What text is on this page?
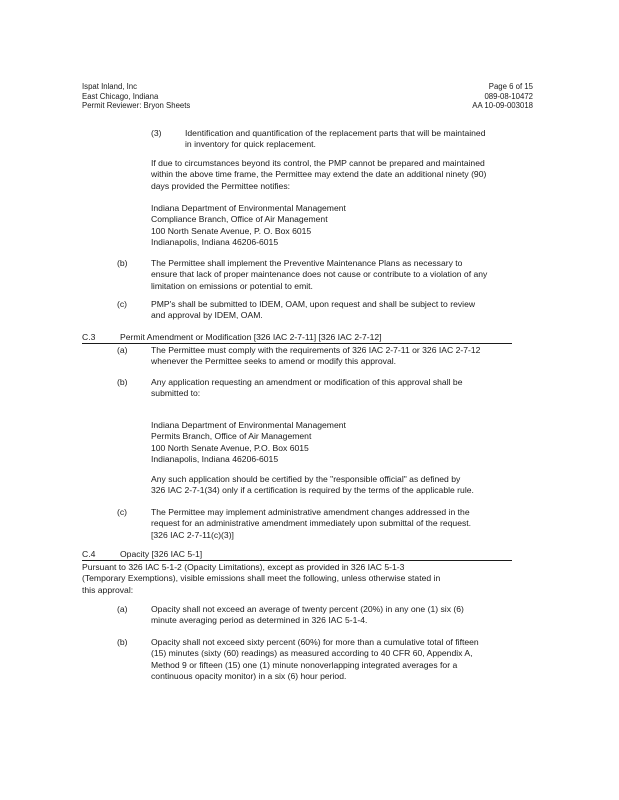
Ispat Inland, Inc
East Chicago, Indiana
Permit Reviewer: Bryon Sheets
Page 6 of 15
089-08-10472
AA 10-09-003018
(3)	Identification and quantification of the replacement parts that will be maintained
in inventory for quick replacement.
If due to circumstances beyond its control, the PMP cannot be prepared and maintained
within the above time frame, the Permittee may extend the date an additional ninety (90)
days provided the Permittee notifies:
Indiana Department of Environmental Management
Compliance Branch, Office of Air Management
100 North Senate Avenue, P. O. Box 6015
Indianapolis, Indiana 46206-6015
(b)	The Permittee shall implement the Preventive Maintenance Plans as necessary to
ensure that lack of proper maintenance does not cause or contribute to a violation of any
limitation on emissions or potential to emit.
(c)	PMP's shall be submitted to IDEM, OAM, upon request and shall be subject to review
and approval by IDEM, OAM.
C.3	Permit Amendment or Modification [326 IAC 2-7-11] [326 IAC 2-7-12]
(a)	The Permittee must comply with the requirements of 326 IAC 2-7-11 or 326 IAC 2-7-12
whenever the Permittee seeks to amend or modify this approval.
(b)	Any application requesting an amendment or modification of this approval shall be
submitted to:
Indiana Department of Environmental Management
Permits Branch, Office of Air Management
100 North Senate Avenue, P.O. Box 6015
Indianapolis, Indiana 46206-6015
Any such application should be certified by the "responsible official" as defined by
326 IAC 2-7-1(34) only if a certification is required by the terms of the applicable rule.
(c)	The Permittee may implement administrative amendment changes addressed in the
request for an administrative amendment immediately upon submittal of the request.
[326 IAC 2-7-11(c)(3)]
C.4	Opacity [326 IAC 5-1]
Pursuant to 326 IAC 5-1-2 (Opacity Limitations), except as provided in 326 IAC 5-1-3
(Temporary Exemptions), visible emissions shall meet the following, unless otherwise stated in
this approval:
(a)	Opacity shall not exceed an average of twenty percent (20%) in any one (1) six (6)
minute averaging period as determined in 326 IAC 5-1-4.
(b)	Opacity shall not exceed sixty percent (60%) for more than a cumulative total of fifteen
(15) minutes (sixty (60) readings) as measured according to 40 CFR 60, Appendix A,
Method 9 or fifteen (15) one (1) minute nonoverlapping integrated averages for a
continuous opacity monitor) in a six (6) hour period.
